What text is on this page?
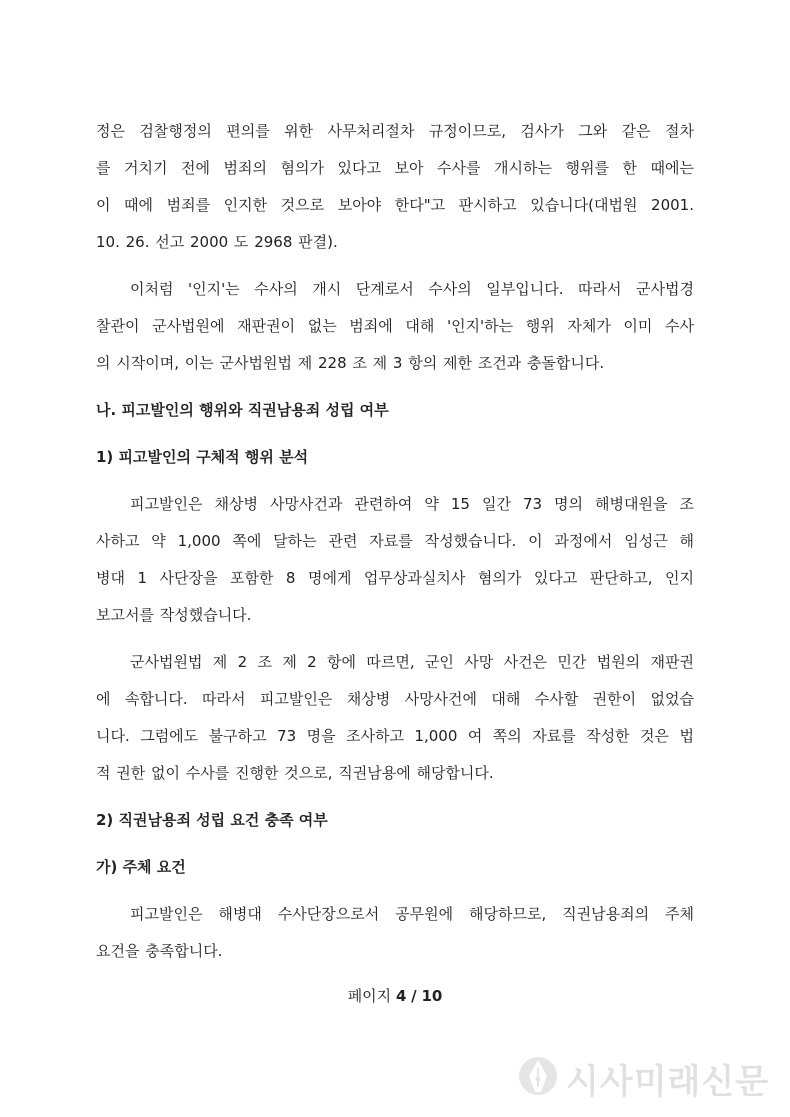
정은 검찰행정의 편의를 위한 사무처리절차 규정이므로, 검사가 그와 같은 절차
를 거치기 전에 범죄의 혐의가 있다고 보아 수사를 개시하는 행위를 한 때에는
이 때에 범죄를 인지한 것으로 보아야 한다"고 판시하고 있습니다(대법원 2001.
10. 26. 선고 2000 도 2968 판결).
이처럼 '인지'는 수사의 개시 단계로서 수사의 일부입니다. 따라서 군사법경
찰관이 군사법원에 재판권이 없는 범죄에 대해 '인지'하는 행위 자체가 이미 수사
의 시작이며, 이는 군사법원법 제 228 조 제 3 항의 제한 조건과 충돌합니다.
나. 피고발인의 행위와 직권남용죄 성립 여부
1) 피고발인의 구체적 행위 분석
피고발인은 채상병 사망사건과 관련하여 약 15 일간 73 명의 해병대원을 조
사하고 약 1,000 쪽에 달하는 관련 자료를 작성했습니다. 이 과정에서 임성근 해
병대 1 사단장을 포함한 8 명에게 업무상과실치사 혐의가 있다고 판단하고, 인지
보고서를 작성했습니다.
군사법원법 제 2 조 제 2 항에 따르면, 군인 사망 사건은 민간 법원의 재판권
에 속합니다. 따라서 피고발인은 채상병 사망사건에 대해 수사할 권한이 없었습
니다. 그럼에도 불구하고 73 명을 조사하고 1,000 여 쪽의 자료를 작성한 것은 법
적 권한 없이 수사를 진행한 것으로, 직권남용에 해당합니다.
2) 직권남용죄 성립 요건 충족 여부
가) 주체 요건
피고발인은 해병대 수사단장으로서 공무원에 해당하므로, 직권남용죄의 주체
요건을 충족합니다.
페이지 4 / 10
시사미래신문
